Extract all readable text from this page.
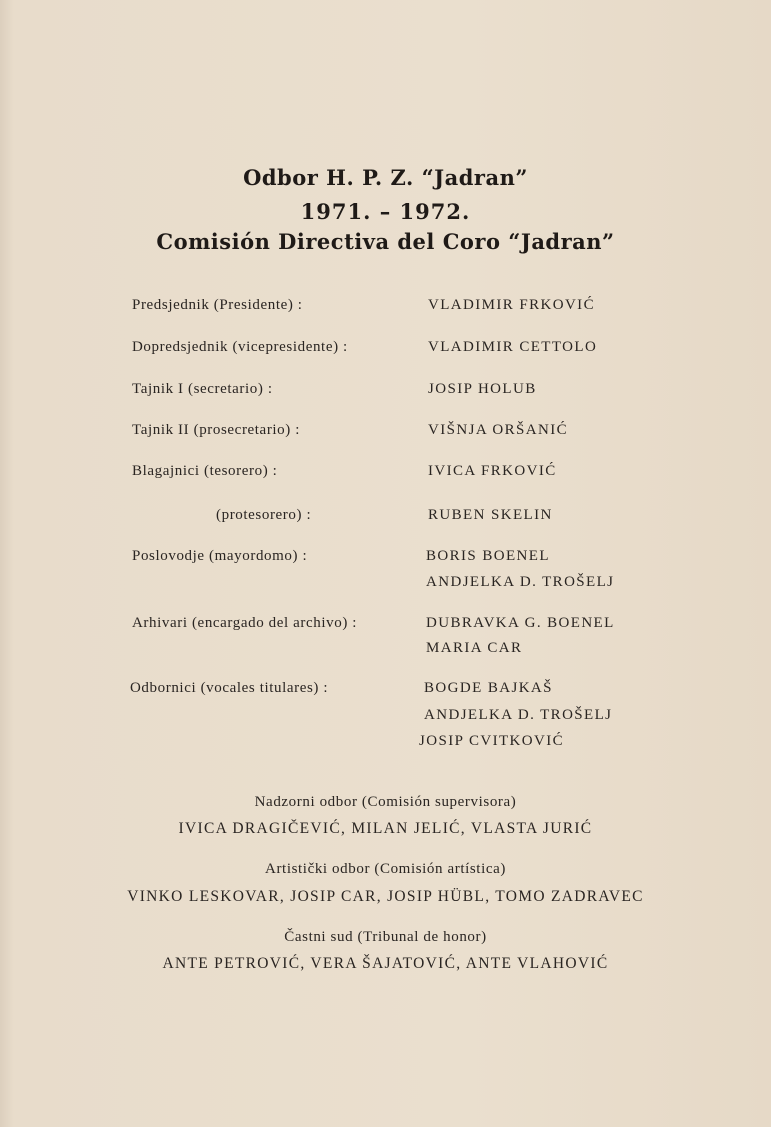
Odbor H. P. Z. “Jadran”
1971. – 1972.
Comisión Directiva del Coro “Jadran”
Predsjednik (Presidente) :	VLADIMIR FRKOVIĆ
Dopredsjednik (vicepresidente) :	VLADIMIR CETTOLO
Tajnik I (secretario) :	JOSIP HOLUB
Tajnik II (prosecretario) :	VIŠNJA ORŠANIĆ
Blagajnici (tesorero) :	IVICA FRKOVIĆ
(protesorero) :	RUBEN SKELIN
Poslovodje (mayordomo) :	BORIS BOENEL
ANDJELKA D. TROŠELJ
Arhivari (encargado del archivo) :	DUBRAVKA G. BOENEL
MARIA CAR
Odbornici (vocales titulares) :	BOGDE BAJKAŠ
ANDJELKA D. TROŠELJ
JOSIP CVITKOVIĆ
Nadzorni odbor (Comisión supervisora)
IVICA DRAGIČEVIĆ, MILAN JELIĆ, VLASTA JURIĆ
Artistički odbor (Comisión artística)
VINKO LESKOVAR, JOSIP CAR, JOSIP HÜBL, TOMO ZADRAVEC
Častni sud (Tribunal de honor)
ANTE PETROVIĆ, VERA ŠAJATOVIĆ, ANTE VLAHOVIĆ
